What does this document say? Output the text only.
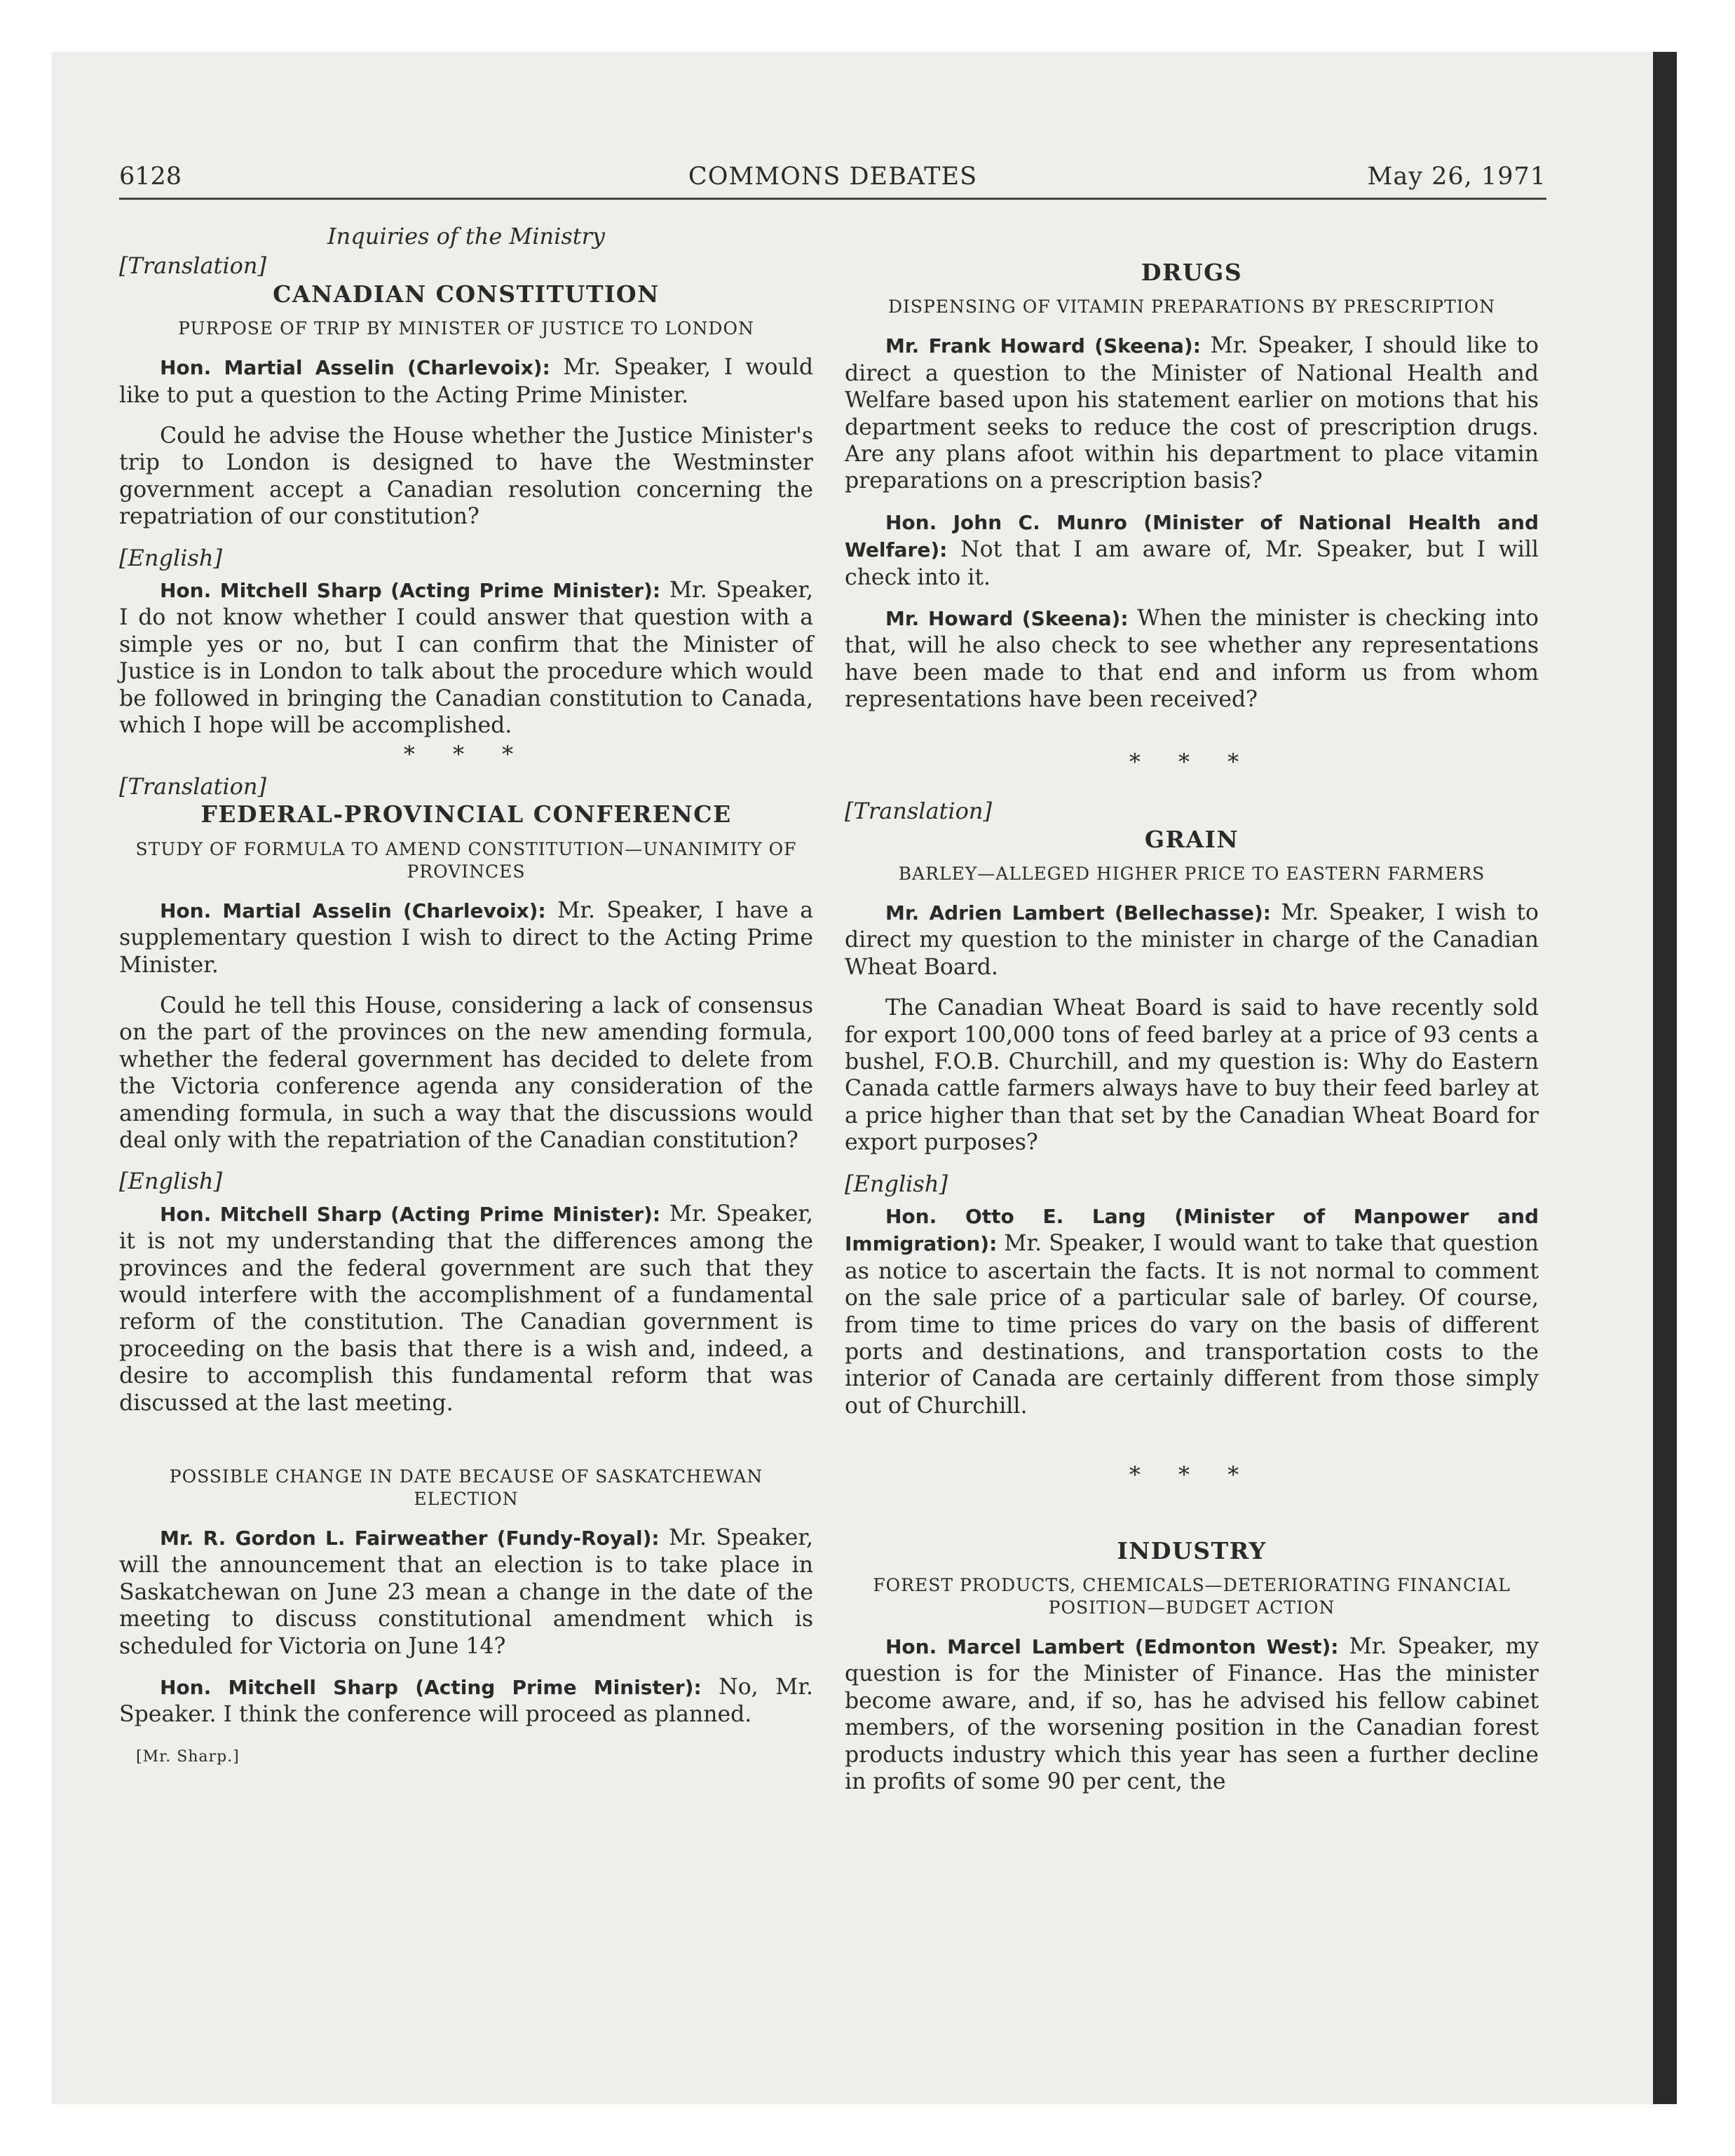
6128	COMMONS DEBATES	May 26, 1971

Inquiries of the Ministry

[Translation]

CANADIAN CONSTITUTION

PURPOSE OF TRIP BY MINISTER OF JUSTICE TO LONDON

Hon. Martial Asselin (Charlevoix): Mr. Speaker, I would like to put a question to the Acting Prime Minister.

Could he advise the House whether the Justice Minister's trip to London is designed to have the Westminster government accept a Canadian resolution concerning the repatriation of our constitution?

[English]

Hon. Mitchell Sharp (Acting Prime Minister): Mr. Speaker, I do not know whether I could answer that question with a simple yes or no, but I can confirm that the Minister of Justice is in London to talk about the procedure which would be followed in bringing the Canadian constitution to Canada, which I hope will be accomplished.

* * *

[Translation]

FEDERAL-PROVINCIAL CONFERENCE

STUDY OF FORMULA TO AMEND CONSTITUTION—UNANIMITY OF PROVINCES

Hon. Martial Asselin (Charlevoix): Mr. Speaker, I have a supplementary question I wish to direct to the Acting Prime Minister.

Could he tell this House, considering a lack of consensus on the part of the provinces on the new amending formula, whether the federal government has decided to delete from the Victoria conference agenda any consideration of the amending formula, in such a way that the discussions would deal only with the repatriation of the Canadian constitution?

[English]

Hon. Mitchell Sharp (Acting Prime Minister): Mr. Speaker, it is not my understanding that the differences among the provinces and the federal government are such that they would interfere with the accomplishment of a fundamental reform of the constitution. The Canadian government is proceeding on the basis that there is a wish and, indeed, a desire to accomplish this fundamental reform that was discussed at the last meeting.

POSSIBLE CHANGE IN DATE BECAUSE OF SASKATCHEWAN ELECTION

Mr. R. Gordon L. Fairweather (Fundy-Royal): Mr. Speaker, will the announcement that an election is to take place in Saskatchewan on June 23 mean a change in the date of the meeting to discuss constitutional amendment which is scheduled for Victoria on June 14?

Hon. Mitchell Sharp (Acting Prime Minister): No, Mr. Speaker. I think the conference will proceed as planned.

[Mr. Sharp.]

DRUGS

DISPENSING OF VITAMIN PREPARATIONS BY PRESCRIPTION

Mr. Frank Howard (Skeena): Mr. Speaker, I should like to direct a question to the Minister of National Health and Welfare based upon his statement earlier on motions that his department seeks to reduce the cost of prescription drugs. Are any plans afoot within his department to place vitamin preparations on a prescription basis?

Hon. John C. Munro (Minister of National Health and Welfare): Not that I am aware of, Mr. Speaker, but I will check into it.

Mr. Howard (Skeena): When the minister is checking into that, will he also check to see whether any representations have been made to that end and inform us from whom representations have been received?

* * *

[Translation]

GRAIN

BARLEY—ALLEGED HIGHER PRICE TO EASTERN FARMERS

Mr. Adrien Lambert (Bellechasse): Mr. Speaker, I wish to direct my question to the minister in charge of the Canadian Wheat Board.

The Canadian Wheat Board is said to have recently sold for export 100,000 tons of feed barley at a price of 93 cents a bushel, F.O.B. Churchill, and my question is: Why do Eastern Canada cattle farmers always have to buy their feed barley at a price higher than that set by the Canadian Wheat Board for export purposes?

[English]

Hon. Otto E. Lang (Minister of Manpower and Immigration): Mr. Speaker, I would want to take that question as notice to ascertain the facts. It is not normal to comment on the sale price of a particular sale of barley. Of course, from time to time prices do vary on the basis of different ports and destinations, and transportation costs to the interior of Canada are certainly different from those simply out of Churchill.

* * *

INDUSTRY

FOREST PRODUCTS, CHEMICALS—DETERIORATING FINANCIAL POSITION—BUDGET ACTION

Hon. Marcel Lambert (Edmonton West): Mr. Speaker, my question is for the Minister of Finance. Has the minister become aware, and, if so, has he advised his fellow cabinet members, of the worsening position in the Canadian forest products industry which this year has seen a further decline in profits of some 90 per cent, the
